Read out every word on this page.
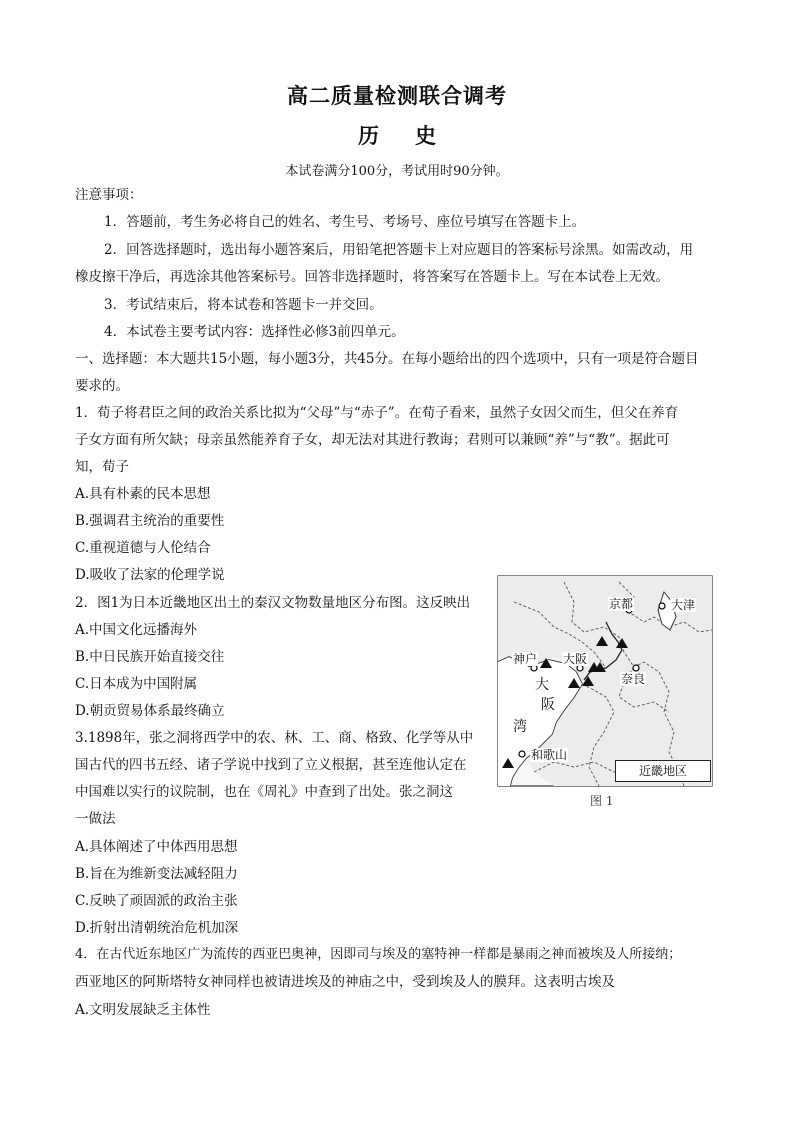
高二质量检测联合调考
历 史
本试卷满分100分，考试用时90分钟。
注意事项：
1．答题前，考生务必将自己的姓名、考生号、考场号、座位号填写在答题卡上。
2．回答选择题时，选出每小题答案后，用铅笔把答题卡上对应题目的答案标号涂黑。如需改动，用
橡皮擦干净后，再选涂其他答案标号。回答非选择题时，将答案写在答题卡上。写在本试卷上无效。
3．考试结束后，将本试卷和答题卡一并交回。
4．本试卷主要考试内容：选择性必修3前四单元。
一、选择题：本大题共15小题，每小题3分，共45分。在每小题给出的四个选项中，只有一项是符合题目
要求的。
1．荀子将君臣之间的政治关系比拟为“父母”与“赤子”。在荀子看来，虽然子女因父而生，但父在养育
子女方面有所欠缺；母亲虽然能养育子女，却无法对其进行教诲；君则可以兼顾“养”与“教”。据此可
知，荀子
A.具有朴素的民本思想
B.强调君主统治的重要性
C.重视道德与人伦结合
D.吸收了法家的伦理学说
2．图1为日本近畿地区出土的秦汉文物数量地区分布图。这反映出
A.中国文化远播海外
B.中日民族开始直接交往
C.日本成为中国附属
D.朝贡贸易体系最终确立
3.1898年，张之洞将西学中的农、林、工、商、格致、化学等从中
国古代的四书五经、诸子学说中找到了立义根据，甚至连他认定在
中国难以实行的议院制，也在《周礼》中查到了出处。张之洞这
一做法
A.具体阐述了中体西用思想
B.旨在为维新变法减轻阻力
C.反映了顽固派的政治主张
D.折射出清朝统治危机加深
4．在古代近东地区广为流传的西亚巴奥神，因即司与埃及的塞特神一样都是暴雨之神而被埃及人所接纳；
西亚地区的阿斯塔特女神同样也被请进埃及的神庙之中，受到埃及人的膜拜。这表明古埃及
A.文明发展缺乏主体性
京都	大津
神户 大阪
奈良
大
阪
湾
和歌山
近畿地区
图 1
